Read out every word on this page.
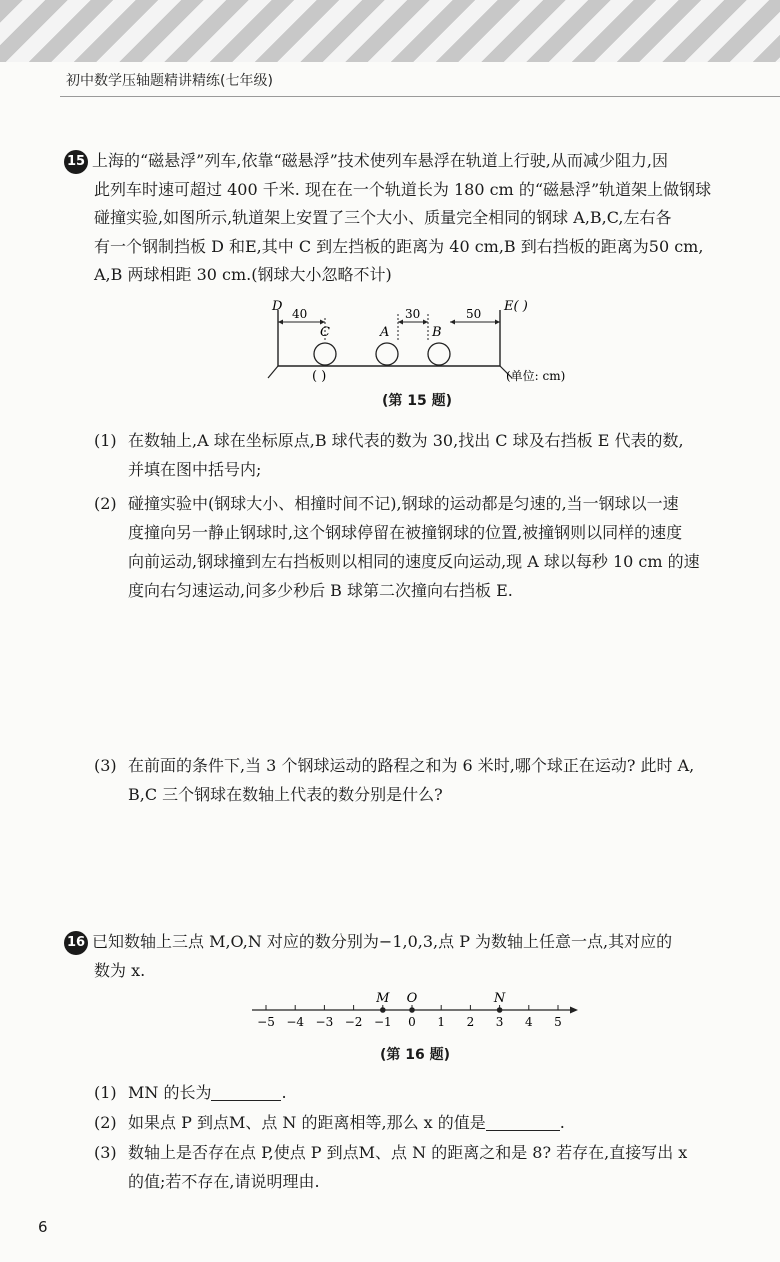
初中数学压轴题精讲精练(七年级)

15 上海的“磁悬浮”列车,依靠“磁悬浮”技术使列车悬浮在轨道上行驶,从而减少阻力,因

此列车时速可超过 400 千米. 现在在一个轨道长为 180 cm 的“磁悬浮”轨道架上做钢球

碰撞实验,如图所示,轨道架上安置了三个大小、质量完全相同的钢球 A,B,C,左右各

有一个钢制挡板 D 和E,其中 C 到左挡板的距离为 40 cm,B 到右挡板的距离为50 cm,

A,B 两球相距 30 cm.(钢球大小忽略不计)

D	E( )
40	30	50
C	A	B
( )	(单位: cm)
(第 15 题)
(1) 在数轴上,A 球在坐标原点,B 球代表的数为 30,找出 C 球及右挡板 E 代表的数,

并填在图中括号内;

(2) 碰撞实验中(钢球大小、相撞时间不记),钢球的运动都是匀速的,当一钢球以一速

度撞向另一静止钢球时,这个钢球停留在被撞钢球的位置,被撞钢则以同样的速度

向前运动,钢球撞到左右挡板则以相同的速度反向运动,现 A 球以每秒 10 cm 的速

度向右匀速运动,问多少秒后 B 球第二次撞向右挡板 E.

(3) 在前面的条件下,当 3 个钢球运动的路程之和为 6 米时,哪个球正在运动? 此时 A,

B,C 三个钢球在数轴上代表的数分别是什么?

16 已知数轴上三点 M,O,N 对应的数分别为−1,0,3,点 P 为数轴上任意一点,其对应的

数为 x.

−5 −4 −3 −2 −1 0 1 2 3 4 5
M O	N
(第 16 题)
(1) MN 的长为	.

(2) 如果点 P 到点M、点 N 的距离相等,那么 x 的值是	.

(3) 数轴上是否存在点 P,使点 P 到点M、点 N 的距离之和是 8? 若存在,直接写出 x

的值;若不存在,请说明理由.

6
